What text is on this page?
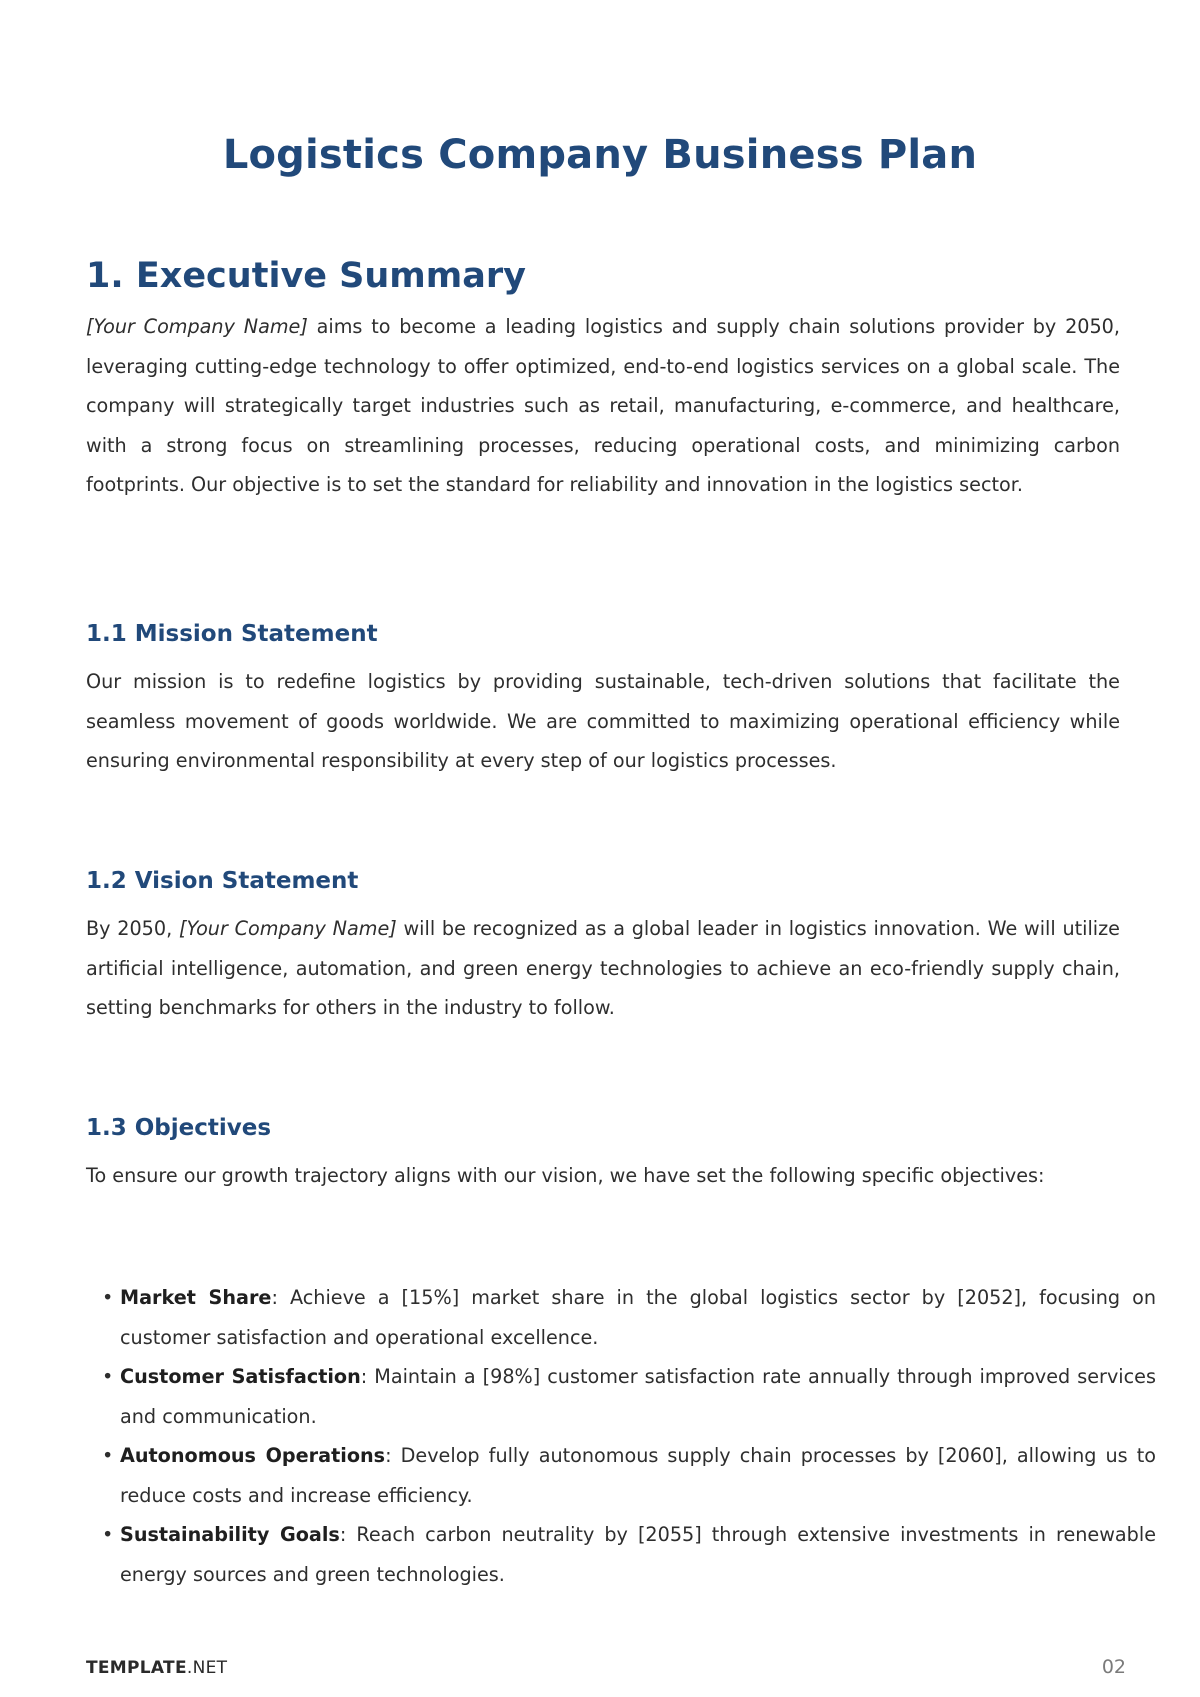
Logistics Company Business Plan
1. Executive Summary

[Your Company Name] aims to become a leading logistics and supply chain solutions provider by 2050, leveraging cutting-edge technology to offer optimized, end-to-end logistics services on a global scale. The company will strategically target industries such as retail, manufacturing, e-commerce, and healthcare, with a strong focus on streamlining processes, reducing operational costs, and minimizing carbon footprints. Our objective is to set the standard for reliability and innovation in the logistics sector.

1.1 Mission Statement

Our mission is to redefine logistics by providing sustainable, tech-driven solutions that facilitate the seamless movement of goods worldwide. We are committed to maximizing operational efficiency while ensuring environmental responsibility at every step of our logistics processes.

1.2 Vision Statement

By 2050, [Your Company Name] will be recognized as a global leader in logistics innovation. We will utilize artificial intelligence, automation, and green energy technologies to achieve an eco-friendly supply chain, setting benchmarks for others in the industry to follow.

1.3 Objectives

To ensure our growth trajectory aligns with our vision, we have set the following specific objectives:

• Market Share: Achieve a [15%] market share in the global logistics sector by [2052], focusing on customer satisfaction and operational excellence.
• Customer Satisfaction: Maintain a [98%] customer satisfaction rate annually through improved services and communication.
• Autonomous Operations: Develop fully autonomous supply chain processes by [2060], allowing us to reduce costs and increase efficiency.
• Sustainability Goals: Reach carbon neutrality by [2055] through extensive investments in renewable energy sources and green technologies.
TEMPLATE.NET	02
